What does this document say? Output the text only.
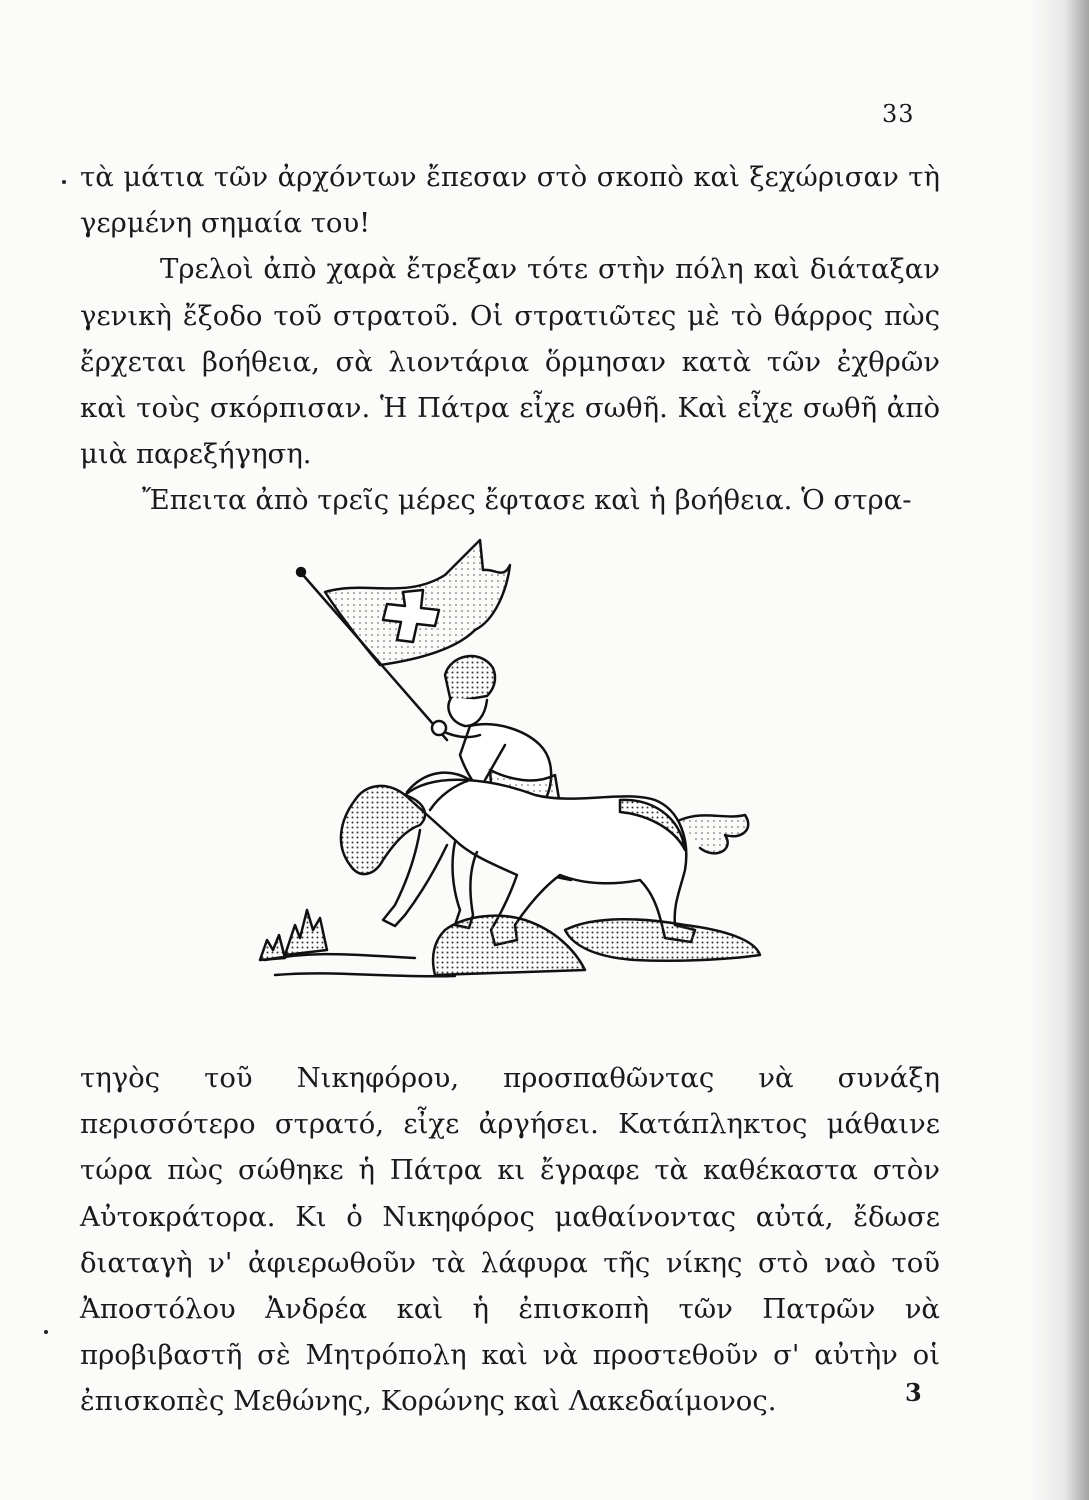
33

τὰ μάτια τῶν ἀρχόντων ἔπεσαν στὸ σκοπὸ καὶ ξεχώρισαν τὴ γερμένη σημαία του!

Τρελοὶ ἀπὸ χαρὰ ἔτρεξαν τότε στὴν πόλη καὶ διάταξαν γενικὴ ἔξοδο τοῦ στρατοῦ. Οἱ στρατιῶτες μὲ τὸ θάρρος πὼς ἔρχεται βοήθεια, σὰ λιοντάρια ὅρμησαν κατὰ τῶν ἐχθρῶν καὶ τοὺς σκόρπισαν. Ἡ Πάτρα εἶχε σωθῆ. Καὶ εἶχε σωθῆ ἀπὸ μιὰ παρεξήγηση.

Ἔπειτα ἀπὸ τρεῖς μέρες ἔφτασε καὶ ἡ βοήθεια. Ὁ στρα-

τηγὸς τοῦ Νικηφόρου, προσπαθῶντας νὰ συνάξη περισσότερο στρατό, εἶχε ἀργήσει. Κατάπληκτος μάθαινε τώρα πὼς σώθηκε ἡ Πάτρα κι ἔγραφε τὰ καθέκαστα στὸν Αὐτοκράτορα. Κι ὁ Νικηφόρος μαθαίνοντας αὐτά, ἔδωσε διαταγὴ ν' ἀφιερωθοῦν τὰ λάφυρα τῆς νίκης στὸ ναὸ τοῦ Ἀποστόλου Ἀνδρέα καὶ ἡ ἐπισκοπὴ τῶν Πατρῶν νὰ προβιβαστῆ σὲ Μητρόπολη καὶ νὰ προστεθοῦν σ' αὐτὴν οἱ ἐπισκοπὲς Μεθώνης, Κορώνης καὶ Λακεδαίμονος.	3
